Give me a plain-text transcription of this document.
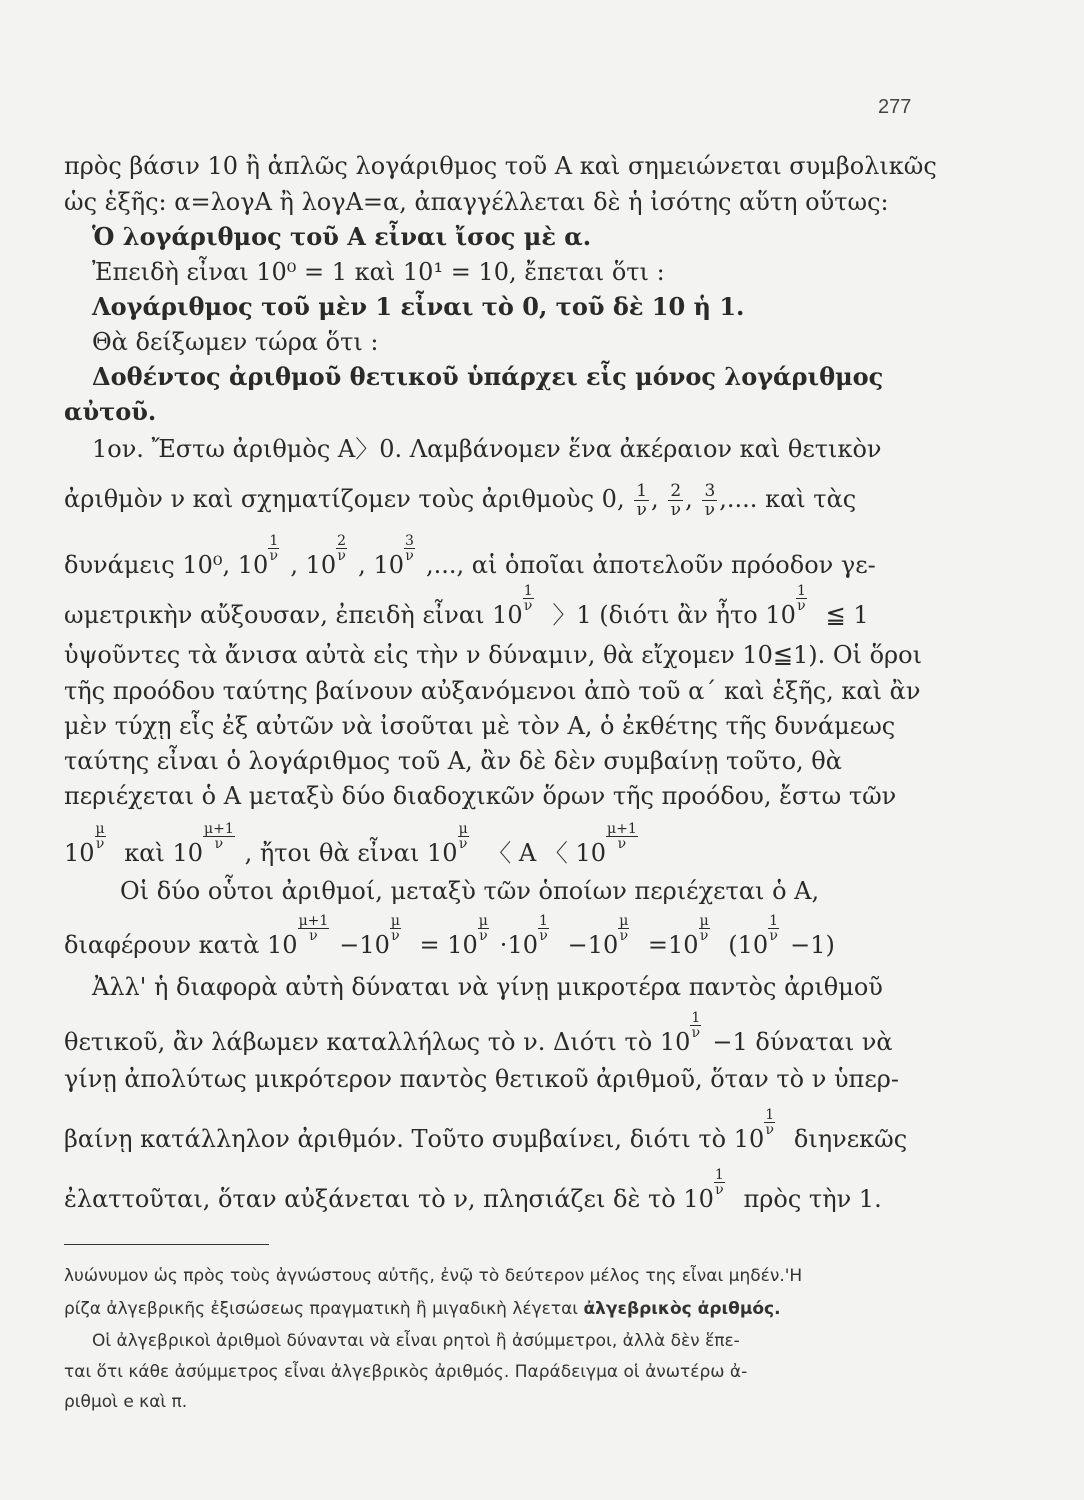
277
πρὸς βάσιν 10 ἢ ἁπλῶς λογάριθμος τοῦ Α καὶ σημειώνεται συμβολικῶς
ὡς ἑξῆς: α=λογΑ ἢ λογΑ=α, ἀπαγγέλλεται δὲ ἡ ἰσότης αὕτη οὕτως:
Ὁ λογάριθμος τοῦ Α εἶναι ἴσος μὲ α.
Ἐπειδὴ εἶναι 10⁰ = 1 καὶ 10¹ = 10, ἔπεται ὅτι :
Λογάριθμος τοῦ μὲν 1 εἶναι τὸ 0, τοῦ δὲ 10 ἡ 1.
Θὰ δείξωμεν τώρα ὅτι :
Δοθέντος ἀριθμοῦ θετικοῦ ὑπάρχει εἷς μόνος λογάριθμος
αὐτοῦ.
1ον. Ἔστω ἀριθμὸς Α〉0. Λαμβάνομεν ἕνα ἀκέραιον καὶ θετικὸν
ἀριθμὸν ν καὶ σχηματίζομεν τοὺς ἀριθμοὺς 0, $\frac{1}{\nu}$ , $\frac{2}{\nu}$ , $\frac{3}{\nu}$ ,.... καὶ τὰς
δυνάμεις 10⁰, 10
1
ν , 10
2
ν , 10
3
ν ,..., αἱ ὁποῖαι ἀποτελοῦν πρόοδον γε-
ωμετρικὴν αὔξουσαν, ἐπειδὴ εἶναι 10
1
ν 〉1 (διότι ἂν ἦτο 10
1
ν ≦ 1
ὑψοῦντες τὰ ἄνισα αὐτὰ εἰς τὴν ν δύναμιν, θὰ εἴχομεν 10≦1). Οἱ ὅροι
τῆς προόδου ταύτης βαίνουν αὐξανόμενοι ἀπὸ τοῦ α΄ καὶ ἑξῆς, καὶ ἂν
μὲν τύχῃ εἷς ἐξ αὐτῶν νὰ ἰσοῦται μὲ τὸν Α, ὁ ἐκθέτης τῆς δυνάμεως
ταύτης εἶναι ὁ λογάριθμος τοῦ Α, ἂν δὲ δὲν συμβαίνῃ τοῦτο, θὰ
περιέχεται ὁ Α μεταξὺ δύο διαδοχικῶν ὅρων τῆς προόδου, ἔστω τῶν
10
μ
ν καὶ 10
μ+1
ν , ἤτοι θὰ εἶναι 10
μ
ν 〈 Α 〈 10
μ+1
ν
Οἱ δύο οὗτοι ἀριθμοί, μεταξὺ τῶν ὁποίων περιέχεται ὁ Α,
διαφέρουν κατὰ 10
μ+1
ν −10
μ
ν = 10
μ
ν ·10
1
ν −10
μ
ν =10
μ
ν (10
1
ν −1)
Ἀλλ' ἡ διαφορὰ αὐτὴ δύναται νὰ γίνῃ μικροτέρα παντὸς ἀριθμοῦ
θετικοῦ, ἂν λάβωμεν καταλλήλως τὸ ν. Διότι τὸ 10
1
ν −1 δύναται νὰ
γίνῃ ἀπολύτως μικρότερον παντὸς θετικοῦ ἀριθμοῦ, ὅταν τὸ ν ὑπερ-
βαίνῃ κατάλληλον ἀριθμόν. Τοῦτο συμβαίνει, διότι τὸ 10
1
ν διηνεκῶς
ἐλαττοῦται, ὅταν αὐξάνεται τὸ ν, πλησιάζει δὲ τὸ 10
1
ν πρὸς τὴν 1.
λυώνυμον ὡς πρὸς τοὺς ἀγνώστους αὐτῆς, ἐνῷ τὸ δεύτερον μέλος της εἶναι μηδέν.'Η
ρίζα ἀλγεβρικῆς ἐξισώσεως πραγματικὴ ἢ μιγαδικὴ λέγεται ἀλγεβρικὸς ἀριθμός.
Οἱ ἀλγεβρικοὶ ἀριθμοὶ δύνανται νὰ εἶναι ρητοὶ ἢ ἀσύμμετροι, ἀλλὰ δὲν ἕπε-
ται ὅτι κάθε ἀσύμμετρος εἶναι ἀλγεβρικὸς ἀριθμός. Παράδειγμα οἱ ἀνωτέρω ἀ-
ριθμοὶ e καὶ π.
